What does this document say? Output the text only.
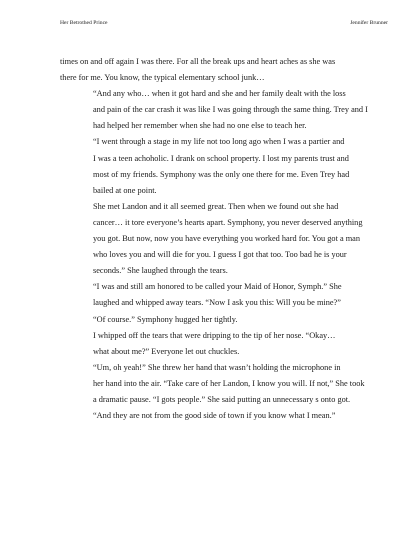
Her Betrothed Prince	Jennifer Brunner

times on and off again I was there. For all the break ups and heart aches as she was
there for me. You know, the typical elementary school junk…

“And any who… when it got hard and she and her family dealt with the loss
and pain of the car crash it was like I was going through the same thing. Trey and I
had helped her remember when she had no one else to teach her.

“I went through a stage in my life not too long ago when I was a partier and
I was a teen achoholic. I drank on school property. I lost my parents trust and
most of my friends. Symphony was the only one there for me. Even Trey had
bailed at one point.

She met Landon and it all seemed great. Then when we found out she had
cancer… it tore everyone’s hearts apart. Symphony, you never deserved anything
you got. But now, now you have everything you worked hard for. You got a man
who loves you and will die for you. I guess I got that too. Too bad he is your
seconds.” She laughed through the tears.

“I was and still am honored to be called your Maid of Honor, Symph.” She
laughed and whipped away tears. “Now I ask you this: Will you be mine?”

“Of course.” Symphony hugged her tightly.

I whipped off the tears that were dripping to the tip of her nose. “Okay…
what about me?” Everyone let out chuckles.

“Um, oh yeah!” She threw her hand that wasn’t holding the microphone in
her hand into the air. “Take care of her Landon, I know you will. If not,” She took
a dramatic pause. “I gots people.” She said putting an unnecessary s onto got.
“And they are not from the good side of town if you know what I mean.”
